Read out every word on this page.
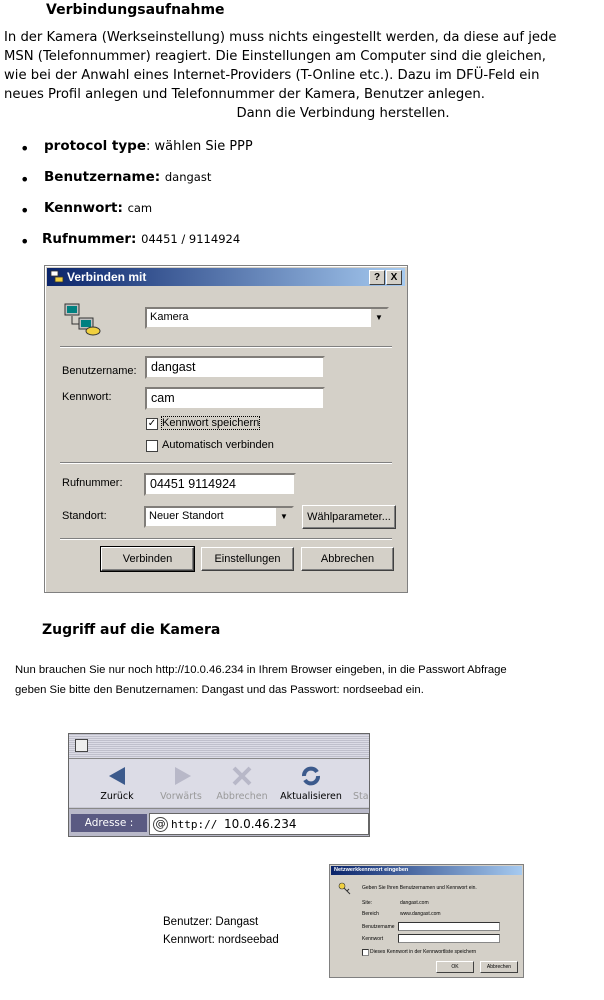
Verbindungsaufnahme
In der Kamera (Werkseinstellung) muss nichts eingestellt werden, da diese auf jede
MSN (Telefonnummer) reagiert. Die Einstellungen am Computer sind die gleichen,
wie bei der Anwahl eines Internet-Providers (T-Online etc.). Dazu im DFÜ-Feld ein
neues Profil anlegen und Telefonnummer der Kamera, Benutzer anlegen.
Dann die Verbindung herstellen.
• protocol type: wählen Sie PPP
• Benutzername: dangast
• Kennwort: cam
• Rufnummer: 04451 / 9114924
Verbinden mit	?	X
Kamera	▼
Benutzername: dangast
Kennwort:	cam
✓ Kennwort speichern
Automatisch verbinden
Rufnummer: 04451 9114924
Standort:	Neuer Standort	▼	Wählparameter...
Verbinden	Einstellungen	Abbrechen
Zugriff auf die Kamera
Nun brauchen Sie nur noch http://10.0.46.234 in Ihrem Browser eingeben, in die Passwort Abfrage
geben Sie bitte den Benutzernamen: Dangast und das Passwort: nordseebad ein.
Zurück	Vorwärts	Abbrechen	Aktualisieren	Sta
Adresse :	@ http:// 10.0.46.234
Benutzer: Dangast
Kennwort: nordseebad
Netzwerkkennwort eingeben
Geben Sie Ihren Benutzernamen und Kennwort ein.
Site:	dangast.com
Bereich	www.dangast.com
Benutzername
Kennwort
Dieses Kennwort in der Kennwortliste speichern
OK	Abbrechen
